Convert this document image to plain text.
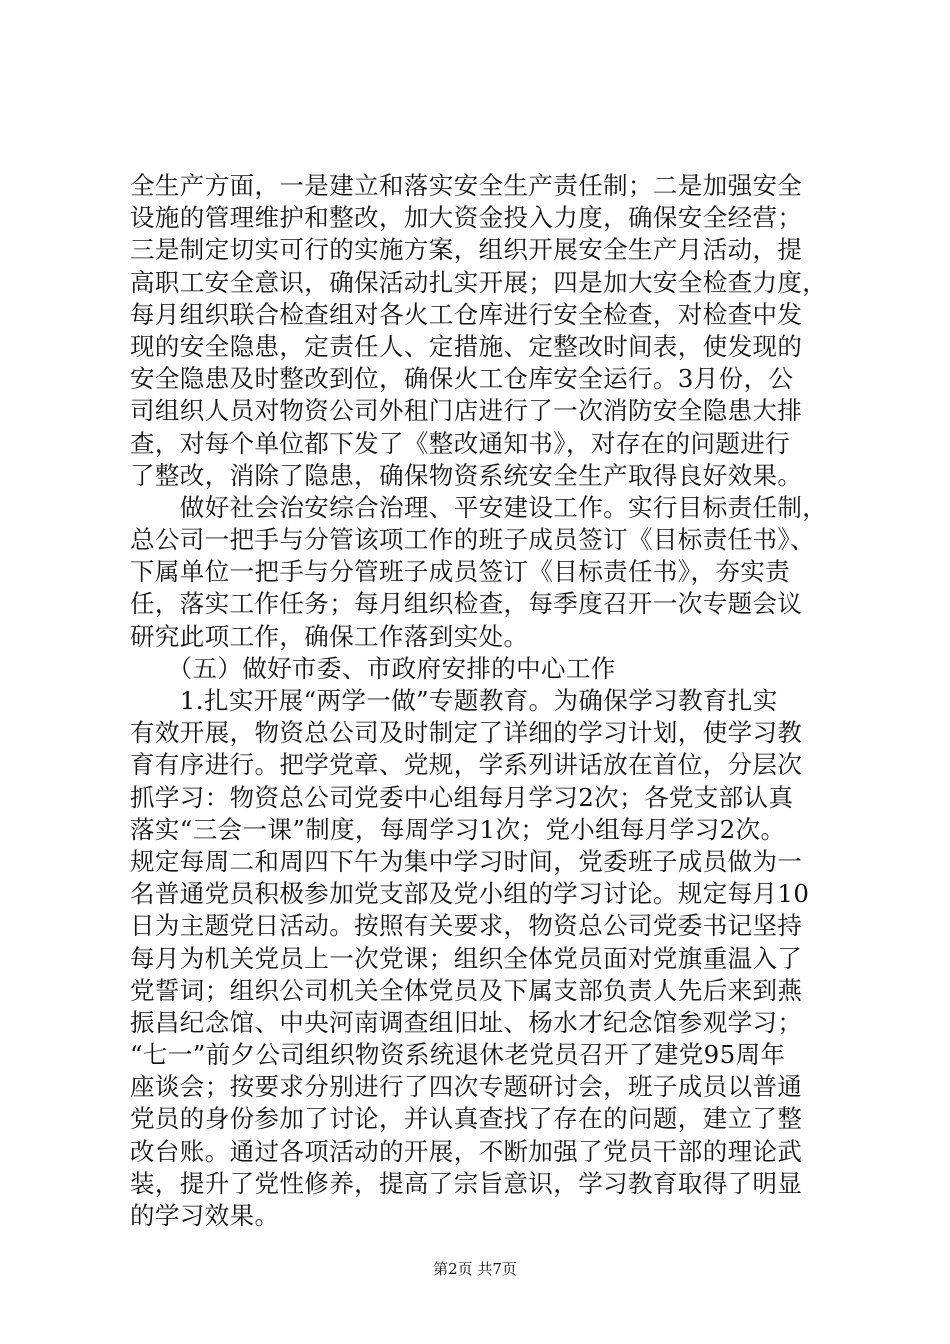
全生产方面，一是建立和落实安全生产责任制；二是加强安全
设施的管理维护和整改，加大资金投入力度，确保安全经营；
三是制定切实可行的实施方案，组织开展安全生产月活动，提
高职工安全意识，确保活动扎实开展；四是加大安全检查力度，
每月组织联合检查组对各火工仓库进行安全检查，对检查中发
现的安全隐患，定责任人、定措施、定整改时间表，使发现的
安全隐患及时整改到位，确保火工仓库安全运行。3月份，公
司组织人员对物资公司外租门店进行了一次消防安全隐患大排
查，对每个单位都下发了《整改通知书》，对存在的问题进行
了整改，消除了隐患，确保物资系统安全生产取得良好效果。
　　做好社会治安综合治理、平安建设工作。实行目标责任制，
总公司一把手与分管该项工作的班子成员签订《目标责任书》、
下属单位一把手与分管班子成员签订《目标责任书》，夯实责
任，落实工作任务；每月组织检查，每季度召开一次专题会议
研究此项工作，确保工作落到实处。
　　（五）做好市委、市政府安排的中心工作
　　1.扎实开展“两学一做”专题教育。为确保学习教育扎实
有效开展，物资总公司及时制定了详细的学习计划，使学习教
育有序进行。把学党章、党规，学系列讲话放在首位，分层次
抓学习：物资总公司党委中心组每月学习2次；各党支部认真
落实“三会一课”制度，每周学习1次；党小组每月学习2次。
规定每周二和周四下午为集中学习时间，党委班子成员做为一
名普通党员积极参加党支部及党小组的学习讨论。规定每月10
日为主题党日活动。按照有关要求，物资总公司党委书记坚持
每月为机关党员上一次党课；组织全体党员面对党旗重温入了
党誓词；组织公司机关全体党员及下属支部负责人先后来到燕
振昌纪念馆、中央河南调查组旧址、杨水才纪念馆参观学习；
“七一”前夕公司组织物资系统退休老党员召开了建党95周年
座谈会；按要求分别进行了四次专题研讨会，班子成员以普通
党员的身份参加了讨论，并认真查找了存在的问题，建立了整
改台账。通过各项活动的开展，不断加强了党员干部的理论武
装，提升了党性修养，提高了宗旨意识，学习教育取得了明显
的学习效果。
第2页 共7页
